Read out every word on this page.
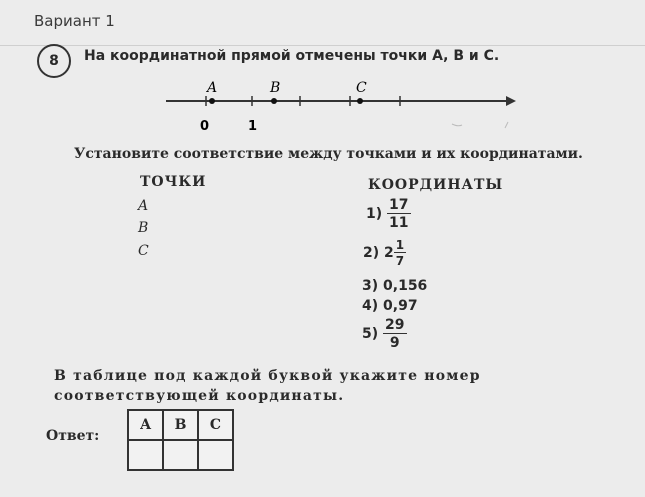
Вариант 1
8	На координатной прямой отмечены точки A, B и C.
A	B	C
0	1
Установите соответствие между точками и их координатами.
ТОЧКИ	КООРДИНАТЫ
A
B
C
$1) \frac{17}{11}$
2) $2 \frac{1}{7}$
3) 0,156
4) 0,97
$5) \frac{29}{9}$
В таблице под каждой буквой укажите номер соответствующей координаты.
Ответ:
A	B	C
